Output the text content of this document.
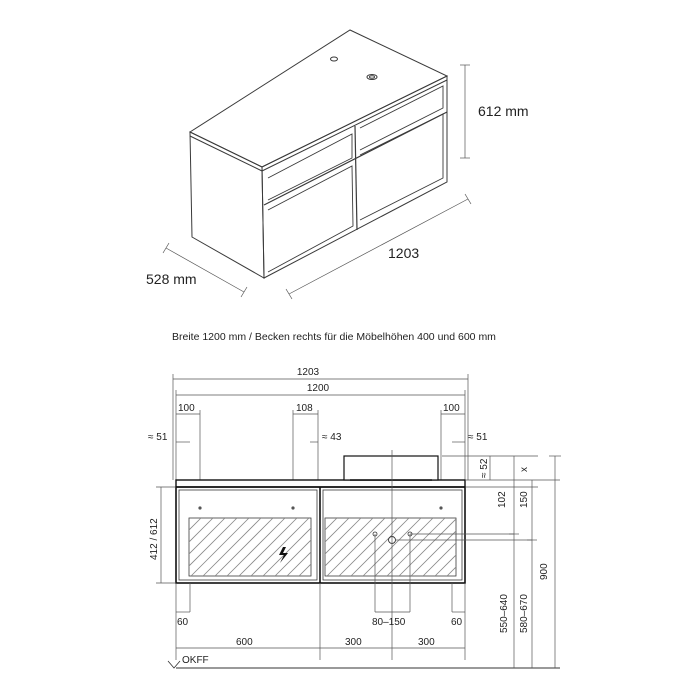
612 mm
1203
528 mm
Breite 1200 mm / Becken rechts für die Möbelhöhen 400 und 600 mm
1203
1200
100	108	100
≈ 51	≈ 43	≈ 51
≈ 52	x
102 150
900
550–640 580–670
412 / 612
60	60
80–150
600	300	300
OKFF
